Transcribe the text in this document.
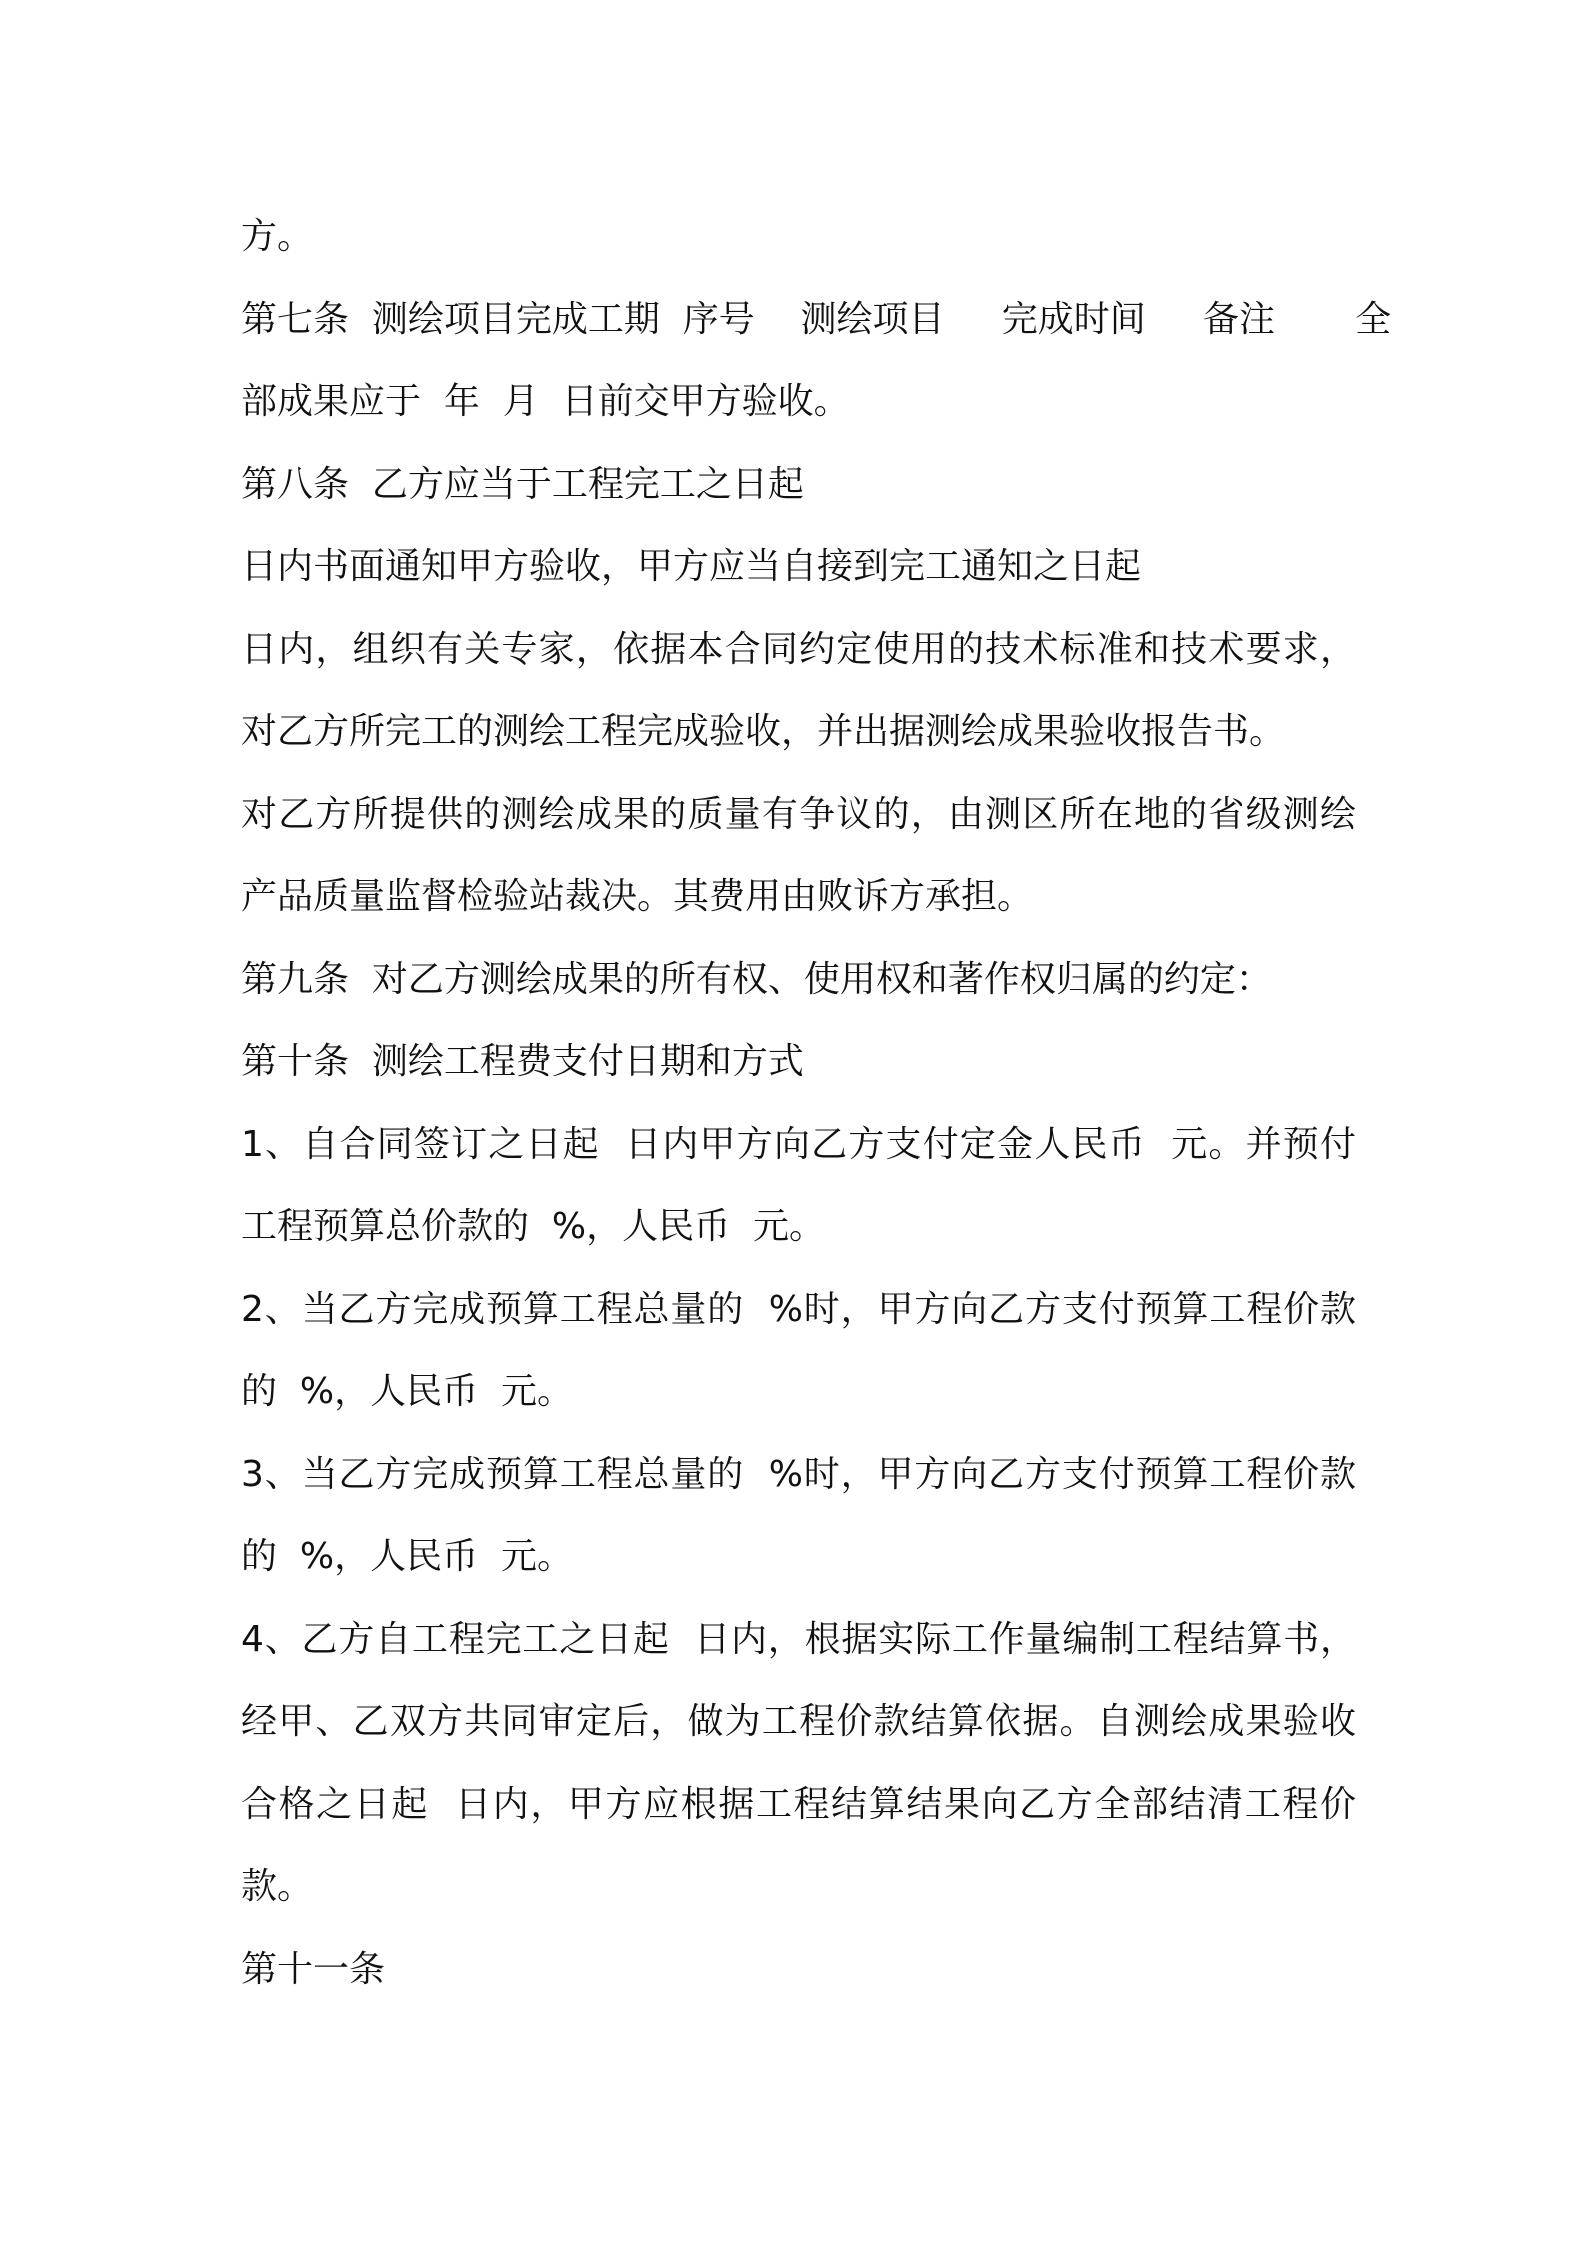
方。
第七条  测绘项目完成工期  序号    测绘项目     完成时间     备注       全
部成果应于  年  月  日前交甲方验收。
第八条  乙方应当于工程完工之日起
日内书面通知甲方验收，甲方应当自接到完工通知之日起
日内，组织有关专家，依据本合同约定使用的技术标准和技术要求，
对乙方所完工的测绘工程完成验收，并出据测绘成果验收报告书。
对乙方所提供的测绘成果的质量有争议的，由测区所在地的省级测绘
产品质量监督检验站裁决。其费用由败诉方承担。
第九条  对乙方测绘成果的所有权、使用权和著作权归属的约定：
第十条  测绘工程费支付日期和方式
1、自合同签订之日起  日内甲方向乙方支付定金人民币  元。并预付
工程预算总价款的  %，人民币  元。
2、当乙方完成预算工程总量的  %时，甲方向乙方支付预算工程价款
的  %，人民币  元。
3、当乙方完成预算工程总量的  %时，甲方向乙方支付预算工程价款
的  %，人民币  元。
4、乙方自工程完工之日起  日内，根据实际工作量编制工程结算书，
经甲、乙双方共同审定后，做为工程价款结算依据。自测绘成果验收
合格之日起  日内，甲方应根据工程结算结果向乙方全部结清工程价
款。
第十一条
